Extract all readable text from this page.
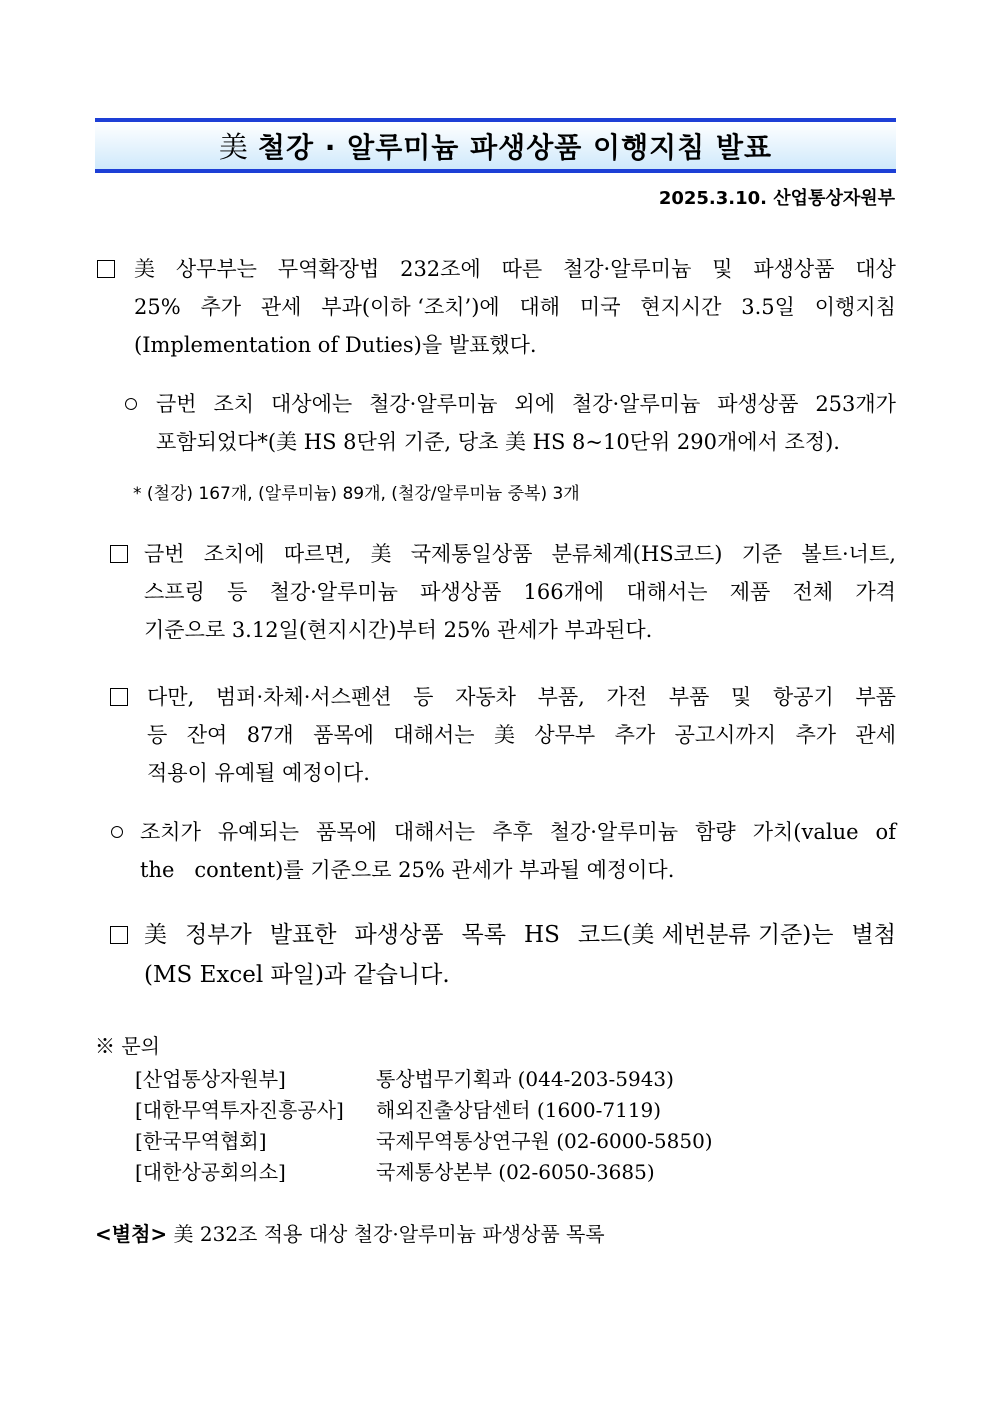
美 철강 · 알루미늄 파생상품 이행지침 발표
2025.3.10. 산업통상자원부
美 상무부는 무역확장법 232조에 따른 철강·알루미늄 및 파생상품 대상
25% 추가 관세 부과(이하 ‘조치’)에 대해 미국 현지시간 3.5일 이행지침
(Implementation of Duties)을 발표했다.
금번 조치 대상에는 철강·알루미늄 외에 철강·알루미늄 파생상품 253개가
포함되었다*(美 HS 8단위 기준, 당초 美 HS 8~10단위 290개에서 조정).
* (철강) 167개, (알루미늄) 89개, (철강/알루미늄 중복) 3개
금번 조치에 따르면, 美 국제통일상품 분류체계(HS코드) 기준 볼트·너트,
스프링 등 철강·알루미늄 파생상품 166개에 대해서는 제품 전체 가격
기준으로 3.12일(현지시간)부터 25% 관세가 부과된다.
다만, 범퍼·차체·서스펜션 등 자동차 부품, 가전 부품 및 항공기 부품
등 잔여 87개 품목에 대해서는 美 상무부 추가 공고시까지 추가 관세
적용이 유예될 예정이다.
조치가 유예되는 품목에 대해서는 추후 철강·알루미늄 함량 가치(value of
the   content)를 기준으로 25% 관세가 부과될 예정이다.
美 정부가 발표한 파생상품 목록 HS 코드(美 세번분류 기준)는 별첨
(MS Excel 파일)과 같습니다.
※ 문의
[산업통상자원부]	통상법무기획과 (044-203-5943)
[대한무역투자진흥공사] 해외진출상담센터 (1600-7119)
[한국무역협회]	국제무역통상연구원 (02-6000-5850)
[대한상공회의소]	국제통상본부 (02-6050-3685)
<별첨> 美 232조 적용 대상 철강·알루미늄 파생상품 목록
